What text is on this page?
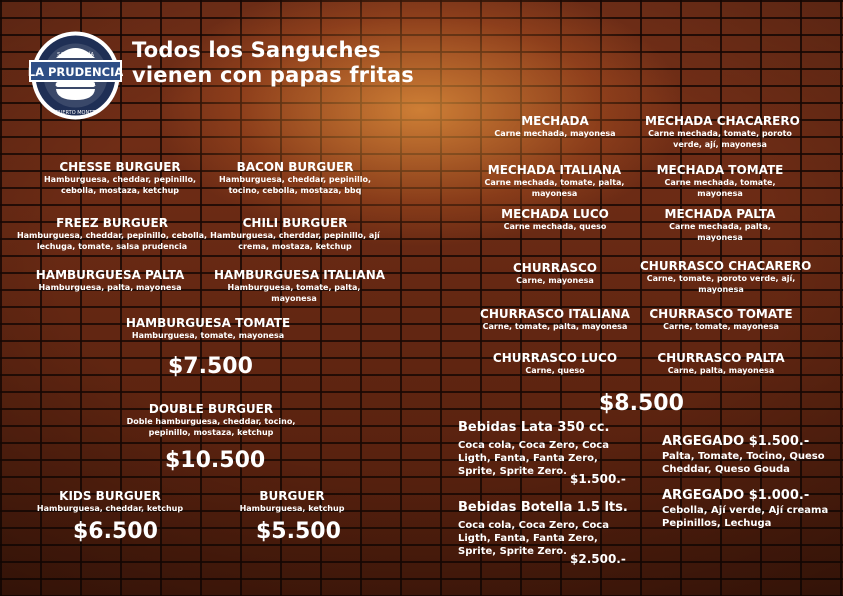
LA PRUDENCIA
SANGUCHERÍA
PUERTO MONTT
DE LA HAMBURGUESA
Todos los Sanguches
vienen con papas fritas
CHESSE BURGUER
Hamburguesa, cheddar, pepinillo, cebolla, mostaza, ketchup
BACON BURGUER
Hamburguesa, cheddar, pepinillo, tocino, cebolla, mostaza, bbq
FREEZ BURGUER
Hamburguesa, cheddar, pepinillo, cebolla, lechuga, tomate, salsa prudencia
CHILI BURGUER
Hamburguesa, cherddar, pepinillo, ají crema, mostaza, ketchup
HAMBURGUESA PALTA
Hamburguesa, palta, mayonesa
HAMBURGUESA ITALIANA
Hamburguesa, tomate, palta, mayonesa
HAMBURGUESA TOMATE
Hamburguesa, tomate, mayonesa
$7.500
DOUBLE BURGUER
Doble hamburguesa, cheddar, tocino, pepinillo, mostaza, ketchup
$10.500
KIDS BURGUER
Hamburguesa, cheddar, ketchup
$6.500
BURGUER
Hamburguesa, ketchup
$5.500
MECHADA
Carne mechada, mayonesa
MECHADA CHACARERO
Carne mechada, tomate, poroto verde, ají, mayonesa
MECHADA ITALIANA
Carne mechada, tomate, palta, mayonesa
MECHADA TOMATE
Carne mechada, tomate, mayonesa
MECHADA LUCO
Carne mechada, queso
MECHADA PALTA
Carne mechada, palta, mayonesa
CHURRASCO
Carne, mayonesa
CHURRASCO CHACARERO
Carne, tomate, poroto verde, ají, mayonesa
CHURRASCO ITALIANA
Carne, tomate, palta, mayonesa
CHURRASCO TOMATE
Carne, tomate, mayonesa
CHURRASCO LUCO
Carne, queso
CHURRASCO PALTA
Carne, palta, mayonesa
$8.500
Bebidas Lata 350 cc.
Coca cola, Coca Zero, Coca Ligth, Fanta, Fanta Zero, Sprite, Sprite Zero.
$1.500.-
Bebidas Botella 1.5 lts.
Coca cola, Coca Zero, Coca Ligth, Fanta, Fanta Zero, Sprite, Sprite Zero.
$2.500.-
ARGEGADO $1.500.-
Palta, Tomate, Tocino, Queso Cheddar, Queso Gouda
ARGEGADO $1.000.-
Cebolla, Ají verde, Ají creama Pepinillos, Lechuga
